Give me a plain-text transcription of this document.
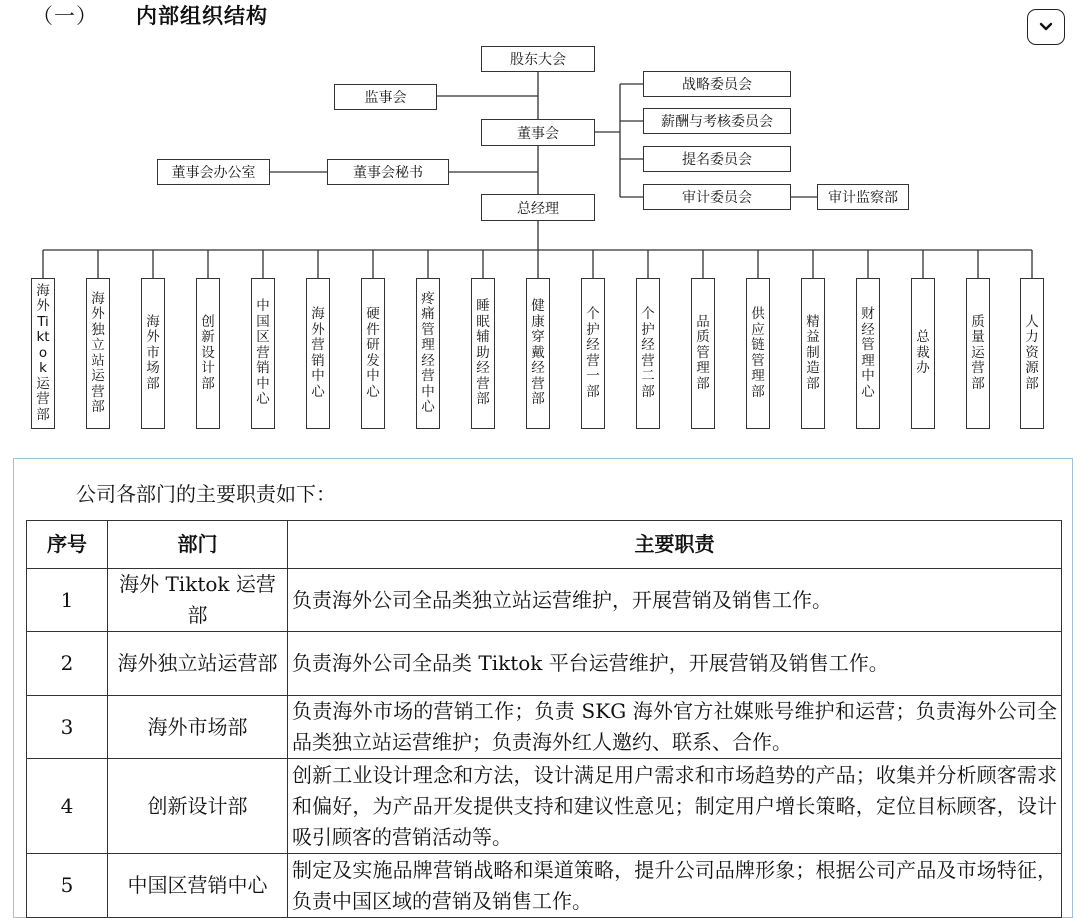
（一） 内部组织结构
股东大会
监事会
董事会
董事会办公室	董事会秘书
总经理
战略委员会
薪酬与考核委员会
提名委员会
审计委员会	审计监察部
海外Tiktok运营部
海外独立站运营部
海外市场部
创新设计部
中国区营销中心
海外营销中心
硬件研发中心
疼痛管理经营中心
睡眠辅助经营部
健康穿戴经营部
个护经营一部
个护经营二部
品质管理部
供应链管理部
精益制造部
财经管理中心
总裁办
质量运营部
人力资源部
公司各部门的主要职责如下：
序号	部门	主要职责
1	海外 Tiktok 运营部	负责海外公司全品类独立站运营维护，开展营销及销售工作。
2	海外独立站运营部	负责海外公司全品类 Tiktok 平台运营维护，开展营销及销售工作。
3	海外市场部	负责海外市场的营销工作；负责 SKG 海外官方社媒账号维护和运营；负责海外公司全品类独立站运营维护；负责海外红人邀约、联系、合作。
4	创新设计部	创新工业设计理念和方法，设计满足用户需求和市场趋势的产品；收集并分析顾客需求和偏好，为产品开发提供支持和建议性意见；制定用户增长策略，定位目标顾客，设计吸引顾客的营销活动等。
5	中国区营销中心	制定及实施品牌营销战略和渠道策略，提升公司品牌形象；根据公司产品及市场特征，负责中国区域的营销及销售工作。
